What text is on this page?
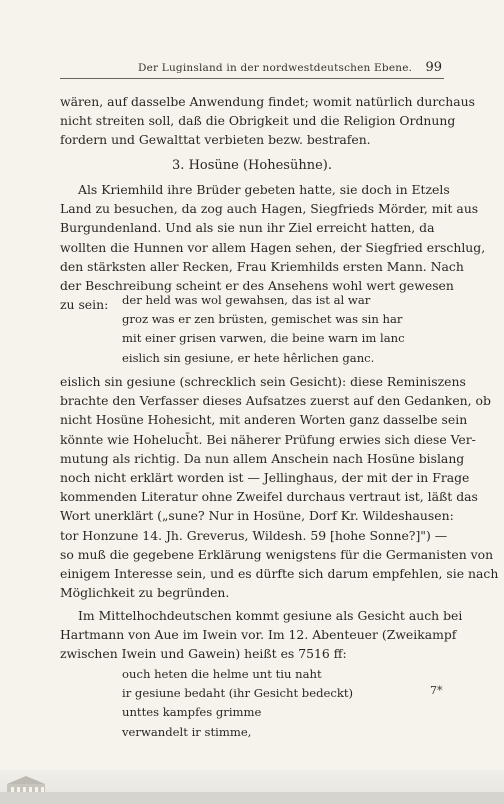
Der Luginsland in der nordwestdeutschen Ebene. 99
wären, auf dasselbe Anwendung findet; womit natürlich durchaus
nicht streiten soll, daß die Obrigkeit und die Religion Ordnung
fordern und Gewalttat verbieten bezw. bestrafen.
3. Hosüne (Hohesühne).
Als Kriemhild ihre Brüder gebeten hatte, sie doch in Etzels
Land zu besuchen, da zog auch Hagen, Siegfrieds Mörder, mit aus
Burgundenland. Und als sie nun ihr Ziel erreicht hatten, da
wollten die Hunnen vor allem Hagen sehen, der Siegfried erschlug,
den stärksten aller Recken, Frau Kriemhilds ersten Mann. Nach
der Beschreibung scheint er des Ansehens wohl wert gewesen
zu sein:	der held was wol gewahsen, das ist al war
groz was er zen brüsten, gemischet was sin har
mit einer grisen varwen, die beine warn im lanc
eislich sin gesiune, er hete hêrlichen ganc.
eislich sin gesiune (schrecklich sein Gesicht): diese Reminiszens
brachte den Verfasser dieses Aufsatzes zuerst auf den Gedanken, ob
nicht Hosüne Hohesicht, mit anderen Worten ganz dasselbe sein
könnte wie Hoheluch̄t. Bei näherer Prüfung erwies sich diese Ver-
mutung als richtig. Da nun allem Anschein nach Hosüne bislang
noch nicht erklärt worden ist — Jellinghaus, der mit der in Frage
kommenden Literatur ohne Zweifel durchaus vertraut ist, läßt das
Wort unerklärt („sune? Nur in Hosüne, Dorf Kr. Wildeshausen:
tor Honzune 14. Jh. Greverus, Wildesh. 59 [hohe Sonne?]") —
so muß die gegebene Erklärung wenigstens für die Germanisten von
einigem Interesse sein, und es dürfte sich darum empfehlen, sie nach
Möglichkeit zu begründen.
Im Mittelhochdeutschen kommt gesiune als Gesicht auch bei
Hartmann von Aue im Iwein vor. Im 12. Abenteuer (Zweikampf
zwischen Iwein und Gawein) heißt es 7516 ff:
ouch heten die helme unt tiu naht
ir gesiune bedaht (ihr Gesicht bedeckt)
unttes kampfes grimme
verwandelt ir stimme,
7*
